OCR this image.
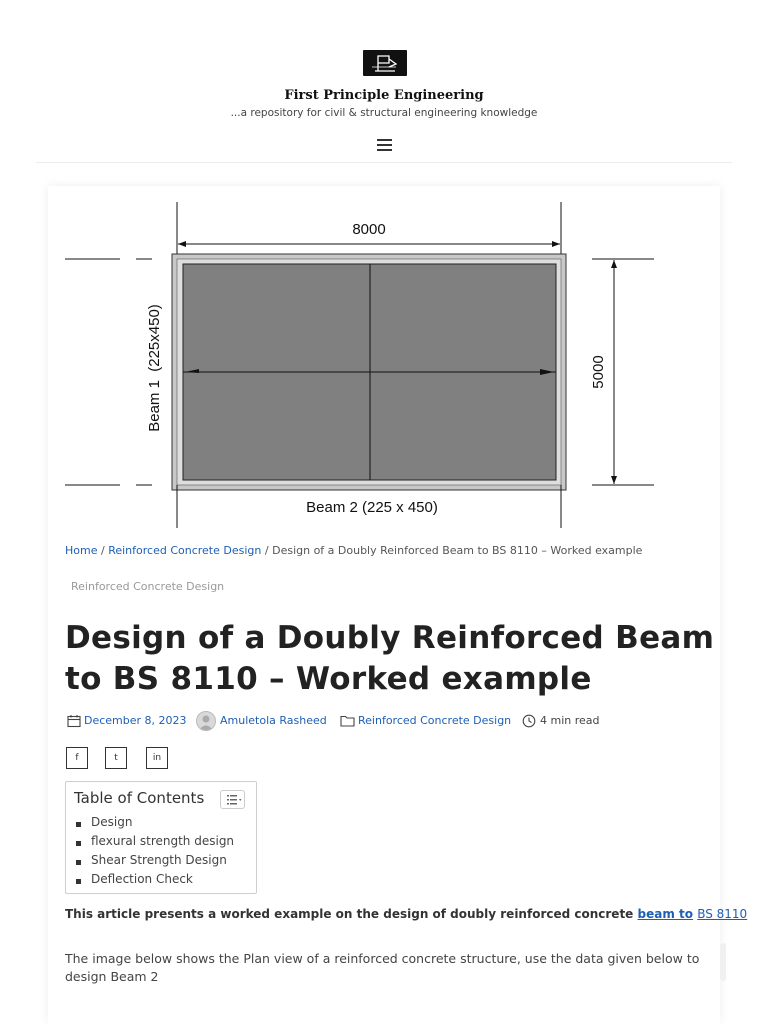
First Principle Engineering
...a repository for civil & structural engineering knowledge
8000
5000
Beam 1  (225x450)
Beam 2 (225 x 450)
Home / Reinforced Concrete Design / Design of a Doubly Reinforced Beam to BS 8110 – Worked example
Reinforced Concrete Design
Design of a Doubly Reinforced Beam to BS 8110 – Worked example
December 8, 2023	Amuletola Rasheed	Reinforced Concrete Design	4 min read
f	t	in
Table of Contents
Design
flexural strength design
Shear Strength Design
Deflection Check
This article presents a worked example on the design of doubly reinforced concrete beam to BS 8110
The image below shows the Plan view of a reinforced concrete structure, use the data given below to design Beam 2
